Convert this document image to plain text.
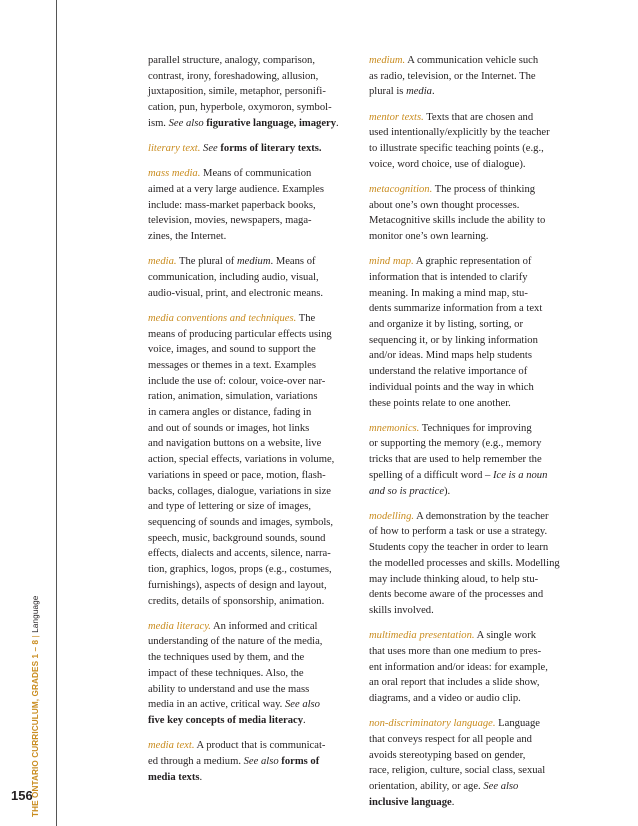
THE ONTARIO CURRICULUM, GRADES 1 – 8 | Language
156
parallel structure, analogy, comparison,
contrast, irony, foreshadowing, allusion,
juxtaposition, simile, metaphor, personifi-
cation, pun, hyperbole, oxymoron, symbol-
ism. See also figurative language, imagery.
literary text. See forms of literary texts.
mass media. Means of communication
aimed at a very large audience. Examples
include: mass-market paperback books,
television, movies, newspapers, maga-
zines, the Internet.
media. The plural of medium. Means of
communication, including audio, visual,
audio-visual, print, and electronic means.
media conventions and techniques. The
means of producing particular effects using
voice, images, and sound to support the
messages or themes in a text. Examples
include the use of: colour, voice-over nar-
ration, animation, simulation, variations
in camera angles or distance, fading in
and out of sounds or images, hot links
and navigation buttons on a website, live
action, special effects, variations in volume,
variations in speed or pace, motion, flash-
backs, collages, dialogue, variations in size
and type of lettering or size of images,
sequencing of sounds and images, symbols,
speech, music, background sounds, sound
effects, dialects and accents, silence, narra-
tion, graphics, logos, props (e.g., costumes,
furnishings), aspects of design and layout,
credits, details of sponsorship, animation.
media literacy. An informed and critical
understanding of the nature of the media,
the techniques used by them, and the
impact of these techniques. Also, the
ability to understand and use the mass
media in an active, critical way. See also
five key concepts of media literacy.
media text. A product that is communicat-
ed through a medium. See also forms of
media texts.
medium. A communication vehicle such
as radio, television, or the Internet. The
plural is media.
mentor texts. Texts that are chosen and
used intentionally/explicitly by the teacher
to illustrate specific teaching points (e.g.,
voice, word choice, use of dialogue).
metacognition. The process of thinking
about one’s own thought processes.
Metacognitive skills include the ability to
monitor one’s own learning.
mind map. A graphic representation of
information that is intended to clarify
meaning. In making a mind map, stu-
dents summarize information from a text
and organize it by listing, sorting, or
sequencing it, or by linking information
and/or ideas. Mind maps help students
understand the relative importance of
individual points and the way in which
these points relate to one another.
mnemonics. Techniques for improving
or supporting the memory (e.g., memory
tricks that are used to help remember the
spelling of a difficult word – Ice is a noun
and so is practice).
modelling. A demonstration by the teacher
of how to perform a task or use a strategy.
Students copy the teacher in order to learn
the modelled processes and skills. Modelling
may include thinking aloud, to help stu-
dents become aware of the processes and
skills involved.
multimedia presentation. A single work
that uses more than one medium to pres-
ent information and/or ideas: for example,
an oral report that includes a slide show,
diagrams, and a video or audio clip.
non-discriminatory language. Language
that conveys respect for all people and
avoids stereotyping based on gender,
race, religion, culture, social class, sexual
orientation, ability, or age. See also
inclusive language.
